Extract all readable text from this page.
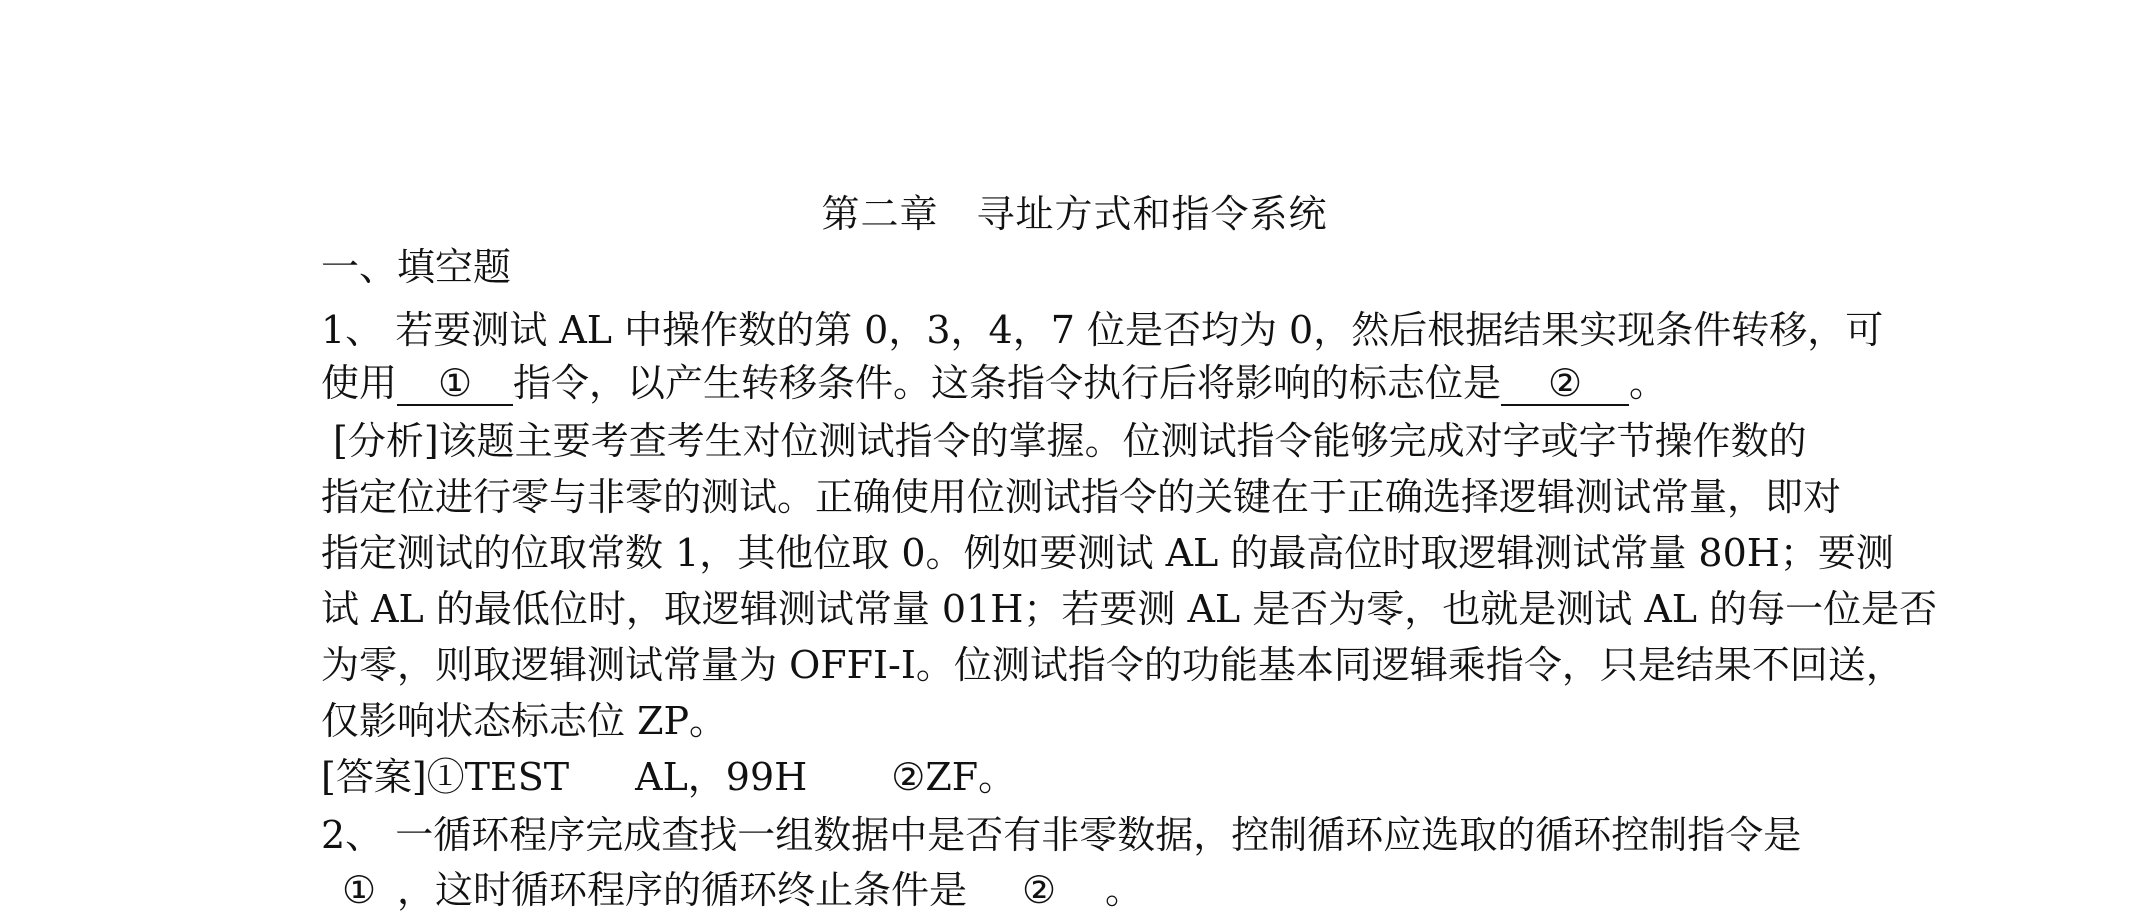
第二章 寻址方式和指令系统
一、填空题
1、 若要测试 AL 中操作数的第 0，3，4，7 位是否均为 0，然后根据结果实现条件转移，可
使用 ① 指令，以产生转移条件。这条指令执行后将影响的标志位是 ② 。
[分析]该题主要考查考生对位测试指令的掌握。位测试指令能够完成对字或字节操作数的
指定位进行零与非零的测试。正确使用位测试指令的关键在于正确选择逻辑测试常量，即对
指定测试的位取常数 1，其他位取 0。例如要测试 AL 的最高位时取逻辑测试常量 80H；要测
试 AL 的最低位时，取逻辑测试常量 01H；若要测 AL 是否为零，也就是测试 AL 的每一位是否
为零，则取逻辑测试常量为 OFFI-I。位测试指令的功能基本同逻辑乘指令，只是结果不回送，
仅影响状态标志位 ZP。
[答案]①TEST AL，99H ②ZF。
2、 一循环程序完成查找一组数据中是否有非零数据，控制循环应选取的循环控制指令是
① ，这时循环程序的循环终止条件是 ② 。
